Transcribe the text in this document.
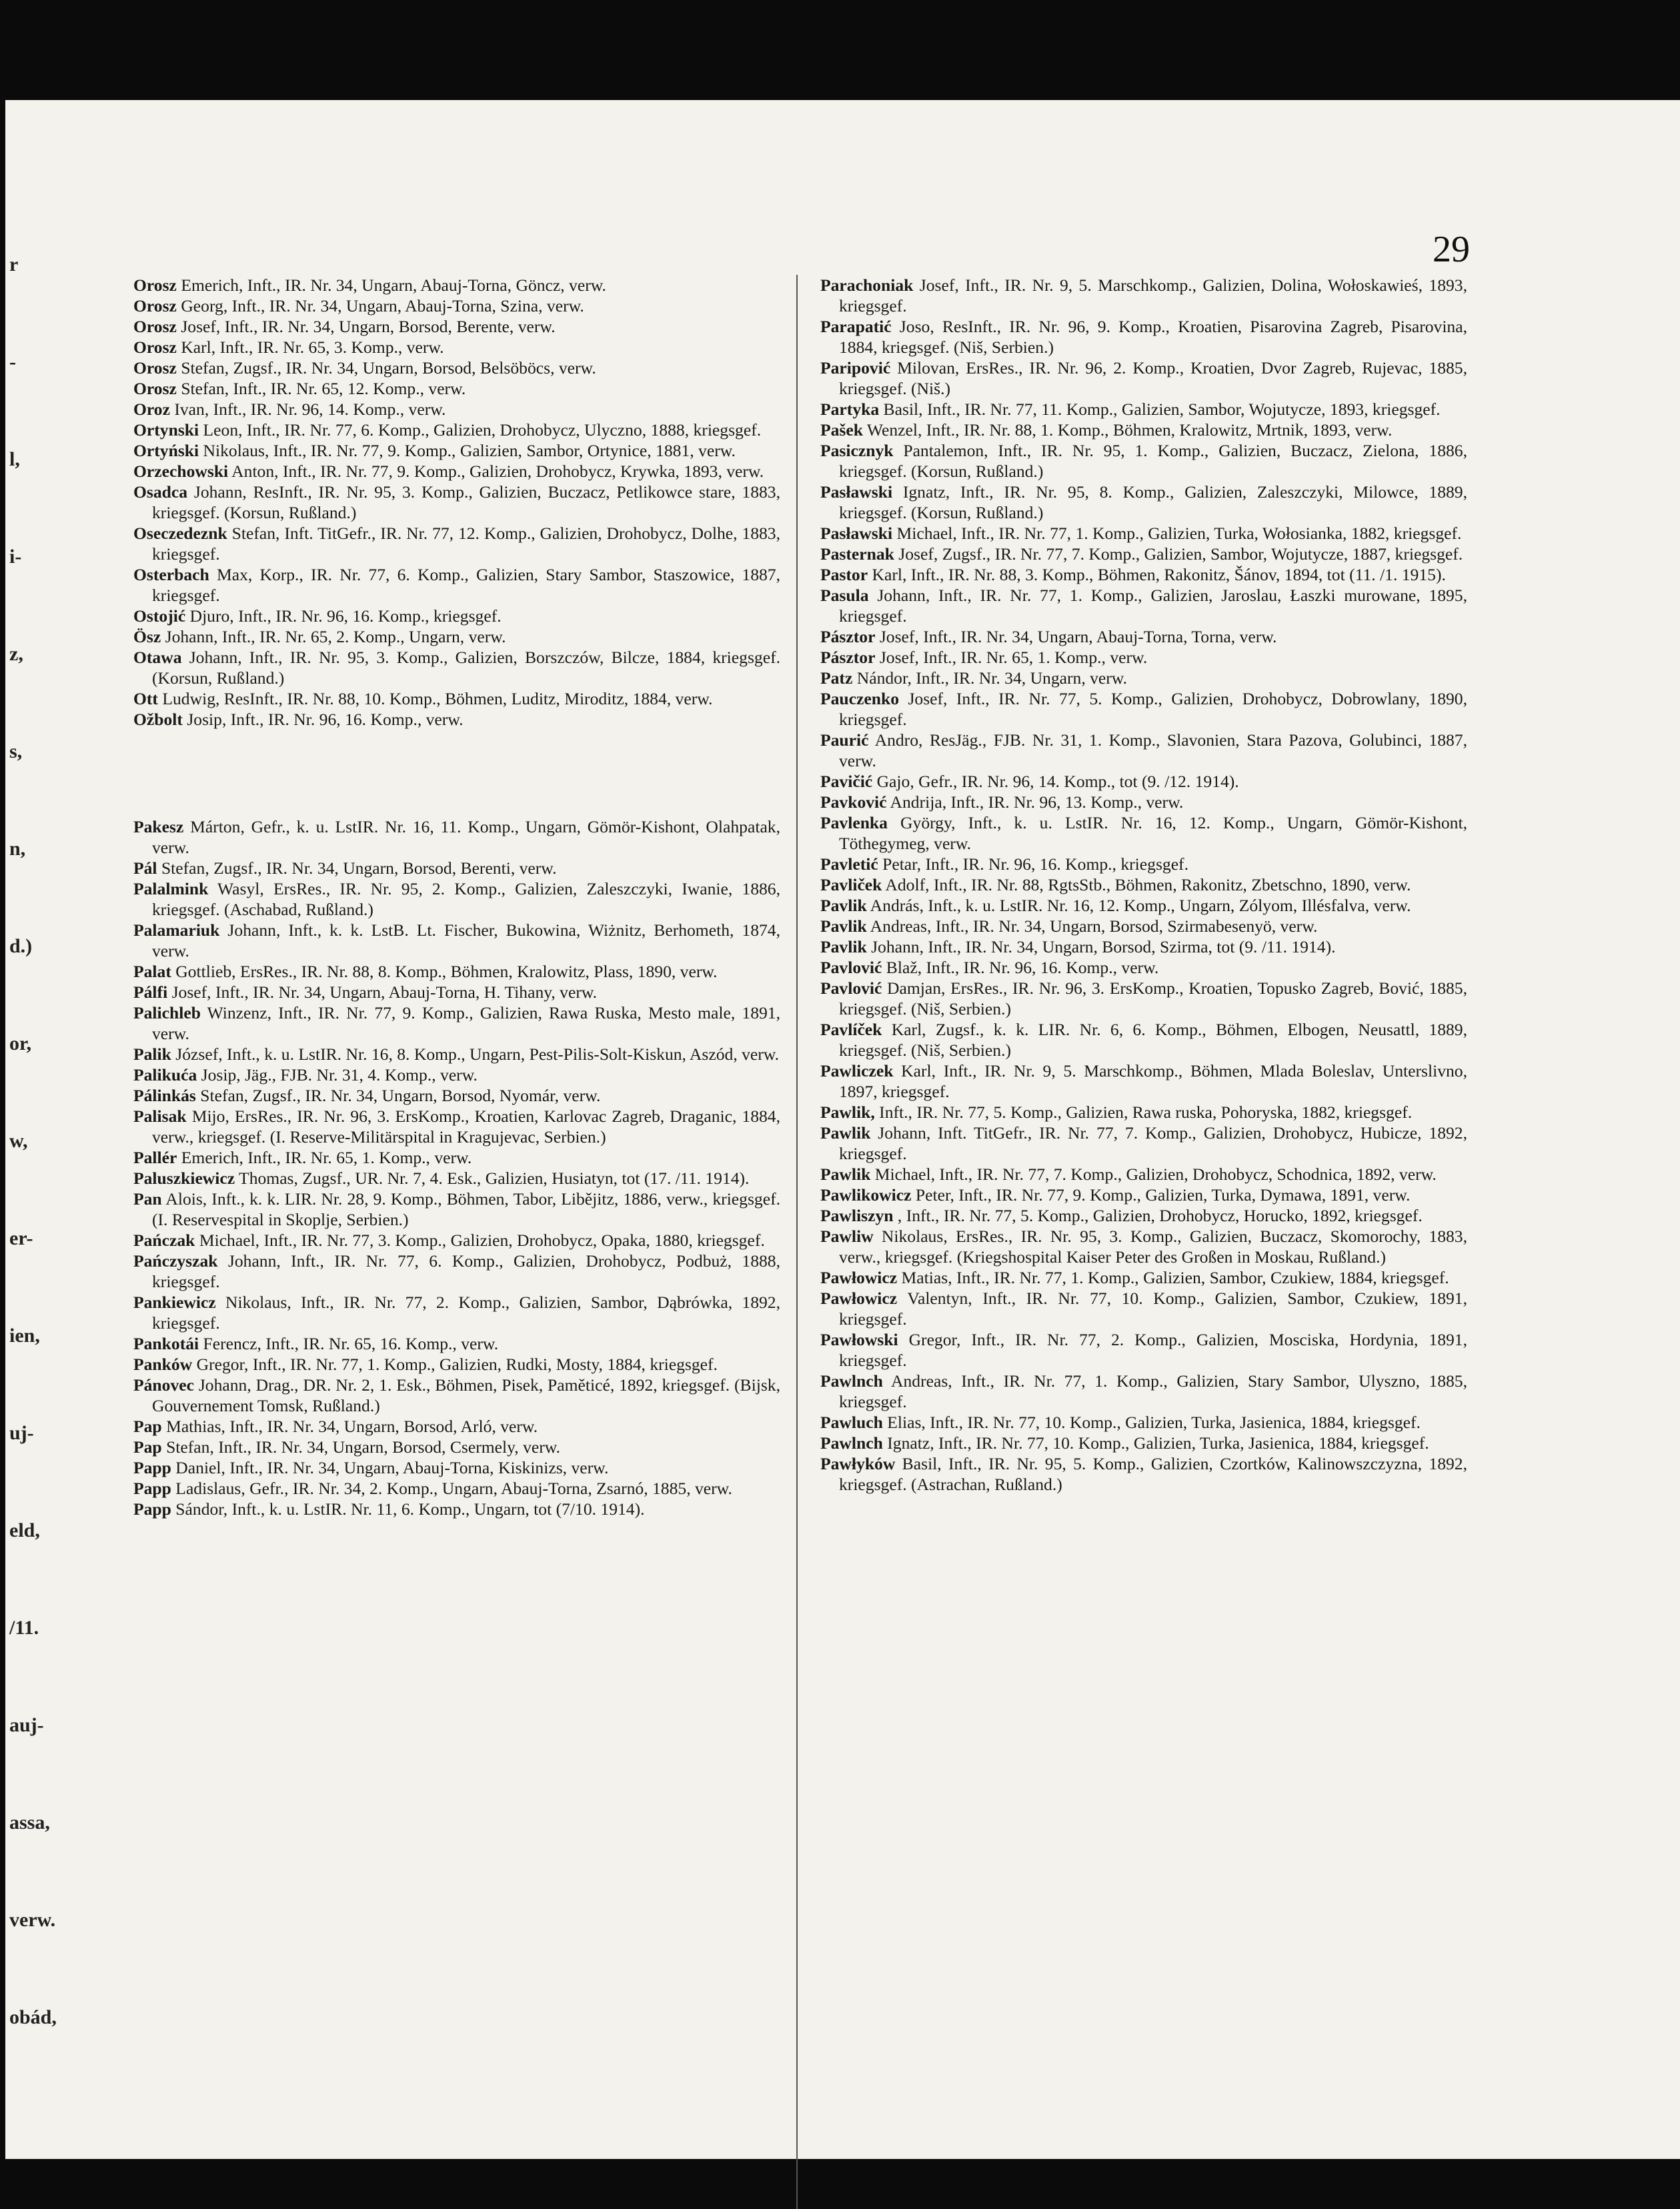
r
-
l,
i-
z,
s,
n,
d.)
or,
w,
er-
ien,
uj-
eld,
/11.
auj-
assa,
verw.
obád,
29
Orosz Emerich, Inft., IR. Nr. 34, Ungarn, Abauj-Torna, Göncz, verw.
Orosz Georg, Inft., IR. Nr. 34, Ungarn, Abauj-Torna, Szina, verw.
Orosz Josef, Inft., IR. Nr. 34, Ungarn, Borsod, Berente, verw.
Orosz Karl, Inft., IR. Nr. 65, 3. Komp., verw.
Orosz Stefan, Zugsf., IR. Nr. 34, Ungarn, Borsod, Belsöböcs, verw.
Orosz Stefan, Inft., IR. Nr. 65, 12. Komp., verw.
Oroz Ivan, Inft., IR. Nr. 96, 14. Komp., verw.
Ortynski Leon, Inft., IR. Nr. 77, 6. Komp., Galizien, Drohobycz, Ulyczno, 1888, kriegsgef.
Ortyński Nikolaus, Inft., IR. Nr. 77, 9. Komp., Galizien, Sambor, Ortynice, 1881, verw.
Orzechowski Anton, Inft., IR. Nr. 77, 9. Komp., Galizien, Drohobycz, Krywka, 1893, verw.
Osadca Johann, ResInft., IR. Nr. 95, 3. Komp., Galizien, Buczacz, Petlikowce stare, 1883, kriegsgef. (Korsun, Rußland.)
Oseczedeznk Stefan, Inft. TitGefr., IR. Nr. 77, 12. Komp., Galizien, Drohobycz, Dolhe, 1883, kriegsgef.
Osterbach Max, Korp., IR. Nr. 77, 6. Komp., Galizien, Stary Sambor, Staszowice, 1887, kriegsgef.
Ostojić Djuro, Inft., IR. Nr. 96, 16. Komp., kriegsgef.
Ösz Johann, Inft., IR. Nr. 65, 2. Komp., Ungarn, verw.
Otawa Johann, Inft., IR. Nr. 95, 3. Komp., Galizien, Borszczów, Bilcze, 1884, kriegsgef. (Korsun, Rußland.)
Ott Ludwig, ResInft., IR. Nr. 88, 10. Komp., Böhmen, Luditz, Miroditz, 1884, verw.
Ožbolt Josip, Inft., IR. Nr. 96, 16. Komp., verw.
Pakesz Márton, Gefr., k. u. LstIR. Nr. 16, 11. Komp., Ungarn, Gömör-Kishont, Olahpatak, verw.
Pál Stefan, Zugsf., IR. Nr. 34, Ungarn, Borsod, Berenti, verw.
Palalmink Wasyl, ErsRes., IR. Nr. 95, 2. Komp., Galizien, Zaleszczyki, Iwanie, 1886, kriegsgef. (Aschabad, Rußland.)
Palamariuk Johann, Inft., k. k. LstB. Lt. Fischer, Bukowina, Wiżnitz, Berhometh, 1874, verw.
Palat Gottlieb, ErsRes., IR. Nr. 88, 8. Komp., Böhmen, Kralowitz, Plass, 1890, verw.
Pálfi Josef, Inft., IR. Nr. 34, Ungarn, Abauj-Torna, H. Tihany, verw.
Palichleb Winzenz, Inft., IR. Nr. 77, 9. Komp., Galizien, Rawa Ruska, Mesto male, 1891, verw.
Palik József, Inft., k. u. LstIR. Nr. 16, 8. Komp., Ungarn, Pest-Pilis-Solt-Kiskun, Aszód, verw.
Palikuća Josip, Jäg., FJB. Nr. 31, 4. Komp., verw.
Pálinkás Stefan, Zugsf., IR. Nr. 34, Ungarn, Borsod, Nyomár, verw.
Palisak Mijo, ErsRes., IR. Nr. 96, 3. ErsKomp., Kroatien, Karlovac Zagreb, Draganic, 1884, verw., kriegsgef. (I. Reserve-Militärspital in Kragujevac, Serbien.)
Pallér Emerich, Inft., IR. Nr. 65, 1. Komp., verw.
Paluszkiewicz Thomas, Zugsf., UR. Nr. 7, 4. Esk., Galizien, Husiatyn, tot (17. /11. 1914).
Pan Alois, Inft., k. k. LIR. Nr. 28, 9. Komp., Böhmen, Tabor, Libějitz, 1886, verw., kriegsgef. (I. Reservespital in Skoplje, Serbien.)
Pańczak Michael, Inft., IR. Nr. 77, 3. Komp., Galizien, Drohobycz, Opaka, 1880, kriegsgef.
Pańczyszak Johann, Inft., IR. Nr. 77, 6. Komp., Galizien, Drohobycz, Podbuż, 1888, kriegsgef.
Pankiewicz Nikolaus, Inft., IR. Nr. 77, 2. Komp., Galizien, Sambor, Dąbrówka, 1892, kriegsgef.
Pankotái Ferencz, Inft., IR. Nr. 65, 16. Komp., verw.
Panków Gregor, Inft., IR. Nr. 77, 1. Komp., Galizien, Rudki, Mosty, 1884, kriegsgef.
Pánovec Johann, Drag., DR. Nr. 2, 1. Esk., Böhmen, Pisek, Paměticé, 1892, kriegsgef. (Bijsk, Gouvernement Tomsk, Rußland.)
Pap Mathias, Inft., IR. Nr. 34, Ungarn, Borsod, Arló, verw.
Pap Stefan, Inft., IR. Nr. 34, Ungarn, Borsod, Csermely, verw.
Papp Daniel, Inft., IR. Nr. 34, Ungarn, Abauj-Torna, Kiskinizs, verw.
Papp Ladislaus, Gefr., IR. Nr. 34, 2. Komp., Ungarn, Abauj-Torna, Zsarnó, 1885, verw.
Papp Sándor, Inft., k. u. LstIR. Nr. 11, 6. Komp., Ungarn, tot (7/10. 1914).
Parachoniak Josef, Inft., IR. Nr. 9, 5. Marschkomp., Galizien, Dolina, Wołoskawieś, 1893, kriegsgef.
Parapatić Joso, ResInft., IR. Nr. 96, 9. Komp., Kroatien, Pisarovina Zagreb, Pisarovina, 1884, kriegsgef. (Niš, Serbien.)
Paripović Milovan, ErsRes., IR. Nr. 96, 2. Komp., Kroatien, Dvor Zagreb, Rujevac, 1885, kriegsgef. (Niš.)
Partyka Basil, Inft., IR. Nr. 77, 11. Komp., Galizien, Sambor, Wojutycze, 1893, kriegsgef.
Pašek Wenzel, Inft., IR. Nr. 88, 1. Komp., Böhmen, Kralowitz, Mrtnik, 1893, verw.
Pasicznyk Pantalemon, Inft., IR. Nr. 95, 1. Komp., Galizien, Buczacz, Zielona, 1886, kriegsgef. (Korsun, Rußland.)
Pasławski Ignatz, Inft., IR. Nr. 95, 8. Komp., Galizien, Zaleszczyki, Milowce, 1889, kriegsgef. (Korsun, Rußland.)
Pasławski Michael, Inft., IR. Nr. 77, 1. Komp., Galizien, Turka, Wołosianka, 1882, kriegsgef.
Pasternak Josef, Zugsf., IR. Nr. 77, 7. Komp., Galizien, Sambor, Wojutycze, 1887, kriegsgef.
Pastor Karl, Inft., IR. Nr. 88, 3. Komp., Böhmen, Rakonitz, Šánov, 1894, tot (11. /1. 1915).
Pasula Johann, Inft., IR. Nr. 77, 1. Komp., Galizien, Jaroslau, Łaszki murowane, 1895, kriegsgef.
Pásztor Josef, Inft., IR. Nr. 34, Ungarn, Abauj-Torna, Torna, verw.
Pásztor Josef, Inft., IR. Nr. 65, 1. Komp., verw.
Patz Nándor, Inft., IR. Nr. 34, Ungarn, verw.
Pauczenko Josef, Inft., IR. Nr. 77, 5. Komp., Galizien, Drohobycz, Dobrowlany, 1890, kriegsgef.
Paurić Andro, ResJäg., FJB. Nr. 31, 1. Komp., Slavonien, Stara Pazova, Golubinci, 1887, verw.
Pavičić Gajo, Gefr., IR. Nr. 96, 14. Komp., tot (9. /12. 1914).
Pavković Andrija, Inft., IR. Nr. 96, 13. Komp., verw.
Pavlenka György, Inft., k. u. LstIR. Nr. 16, 12. Komp., Ungarn, Gömör-Kishont, Töthegymeg, verw.
Pavletić Petar, Inft., IR. Nr. 96, 16. Komp., kriegsgef.
Pavliček Adolf, Inft., IR. Nr. 88, RgtsStb., Böhmen, Rakonitz, Zbetschno, 1890, verw.
Pavlik András, Inft., k. u. LstIR. Nr. 16, 12. Komp., Ungarn, Zólyom, Illésfalva, verw.
Pavlik Andreas, Inft., IR. Nr. 34, Ungarn, Borsod, Szirmabesenyö, verw.
Pavlik Johann, Inft., IR. Nr. 34, Ungarn, Borsod, Szirma, tot (9. /11. 1914).
Pavlović Blaž, Inft., IR. Nr. 96, 16. Komp., verw.
Pavlović Damjan, ErsRes., IR. Nr. 96, 3. ErsKomp., Kroatien, Topusko Zagreb, Bović, 1885, kriegsgef. (Niš, Serbien.)
Pavlíček Karl, Zugsf., k. k. LIR. Nr. 6, 6. Komp., Böhmen, Elbogen, Neusattl, 1889, kriegsgef. (Niš, Serbien.)
Pawliczek Karl, Inft., IR. Nr. 9, 5. Marschkomp., Böhmen, Mlada Boleslav, Unterslivno, 1897, kriegsgef.
Pawlik, Inft., IR. Nr. 77, 5. Komp., Galizien, Rawa ruska, Pohoryska, 1882, kriegsgef.
Pawlik Johann, Inft. TitGefr., IR. Nr. 77, 7. Komp., Galizien, Drohobycz, Hubicze, 1892, kriegsgef.
Pawlik Michael, Inft., IR. Nr. 77, 7. Komp., Galizien, Drohobycz, Schodnica, 1892, verw.
Pawlikowicz Peter, Inft., IR. Nr. 77, 9. Komp., Galizien, Turka, Dymawa, 1891, verw.
Pawliszyn , Inft., IR. Nr. 77, 5. Komp., Galizien, Drohobycz, Horucko, 1892, kriegsgef.
Pawliw Nikolaus, ErsRes., IR. Nr. 95, 3. Komp., Galizien, Buczacz, Skomorochy, 1883, verw., kriegsgef. (Kriegshospital Kaiser Peter des Großen in Moskau, Rußland.)
Pawłowicz Matias, Inft., IR. Nr. 77, 1. Komp., Galizien, Sambor, Czukiew, 1884, kriegsgef.
Pawłowicz Valentyn, Inft., IR. Nr. 77, 10. Komp., Galizien, Sambor, Czukiew, 1891, kriegsgef.
Pawłowski Gregor, Inft., IR. Nr. 77, 2. Komp., Galizien, Mosciska, Hordynia, 1891, kriegsgef.
Pawlnch Andreas, Inft., IR. Nr. 77, 1. Komp., Galizien, Stary Sambor, Ulyszno, 1885, kriegsgef.
Pawluch Elias, Inft., IR. Nr. 77, 10. Komp., Galizien, Turka, Jasienica, 1884, kriegsgef.
Pawlnch Ignatz, Inft., IR. Nr. 77, 10. Komp., Galizien, Turka, Jasienica, 1884, kriegsgef.
Pawłyków Basil, Inft., IR. Nr. 95, 5. Komp., Galizien, Czortków, Kalinowszczyzna, 1892, kriegsgef. (Astrachan, Rußland.)
